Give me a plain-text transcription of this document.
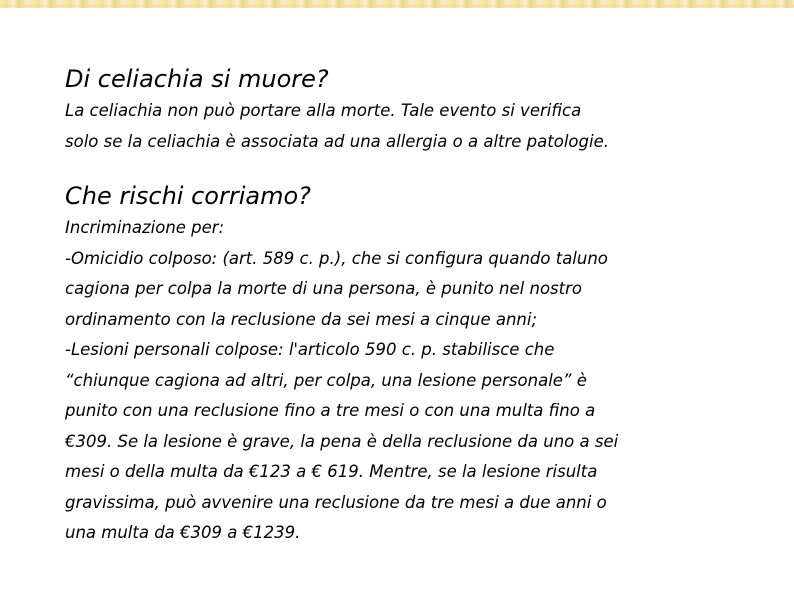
Di celiachia si muore?

La celiachia non può portare alla morte. Tale evento si verifica
solo se la celiachia è associata ad una allergia o a altre patologie.

Che rischi corriamo?

Incriminazione per:
-Omicidio colposo: (art. 589 c. p.), che si configura quando taluno
cagiona per colpa la morte di una persona, è punito nel nostro
ordinamento con la reclusione da sei mesi a cinque anni;
-Lesioni personali colpose: l'articolo 590 c. p. stabilisce che
“chiunque cagiona ad altri, per colpa, una lesione personale” è
punito con una reclusione fino a tre mesi o con una multa fino a
€309. Se la lesione è grave, la pena è della reclusione da uno a sei
mesi o della multa da €123 a € 619. Mentre, se la lesione risulta
gravissima, può avvenire una reclusione da tre mesi a due anni o
una multa da €309 a €1239.
